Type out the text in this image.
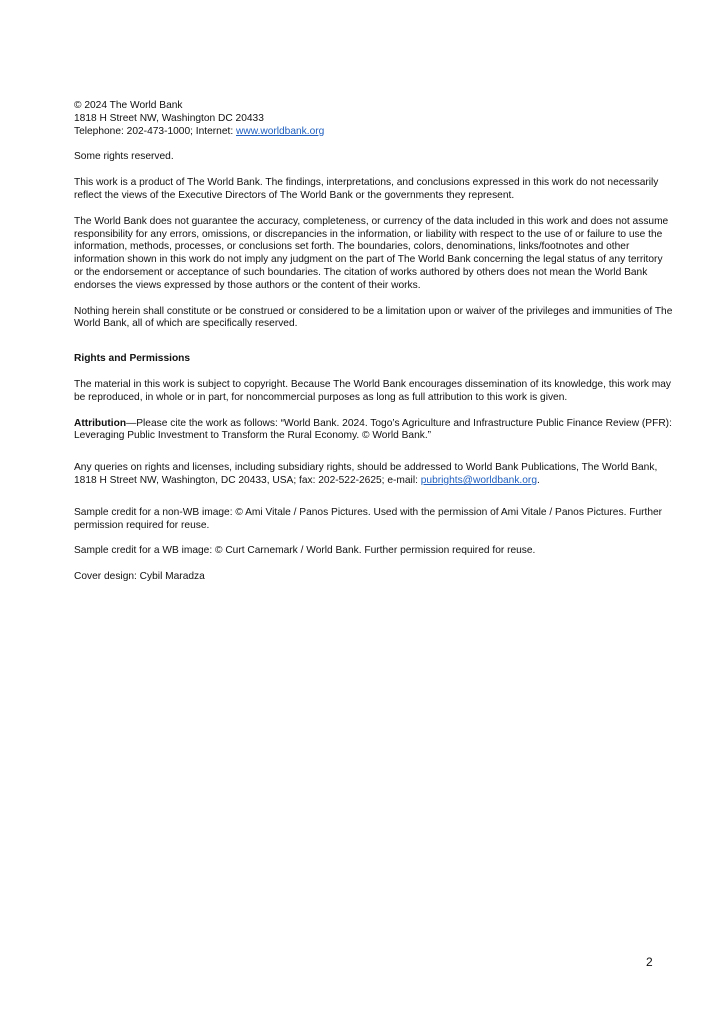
© 2024 The World Bank

1818 H Street NW, Washington DC 20433

Telephone: 202-473-1000; Internet: www.worldbank.org

Some rights reserved.

This work is a product of The World Bank. The findings, interpretations, and conclusions expressed in this work do not necessarily reflect the views of the Executive Directors of The World Bank or the governments they represent.

The World Bank does not guarantee the accuracy, completeness, or currency of the data included in this work and does not assume responsibility for any errors, omissions, or discrepancies in the information, or liability with respect to the use of or failure to use the information, methods, processes, or conclusions set forth. The boundaries, colors, denominations, links/footnotes and other information shown in this work do not imply any judgment on the part of The World Bank concerning the legal status of any territory or the endorsement or acceptance of such boundaries. The citation of works authored by others does not mean the World Bank endorses the views expressed by those authors or the content of their works.

Nothing herein shall constitute or be construed or considered to be a limitation upon or waiver of the privileges and immunities of The World Bank, all of which are specifically reserved.

Rights and Permissions

The material in this work is subject to copyright. Because The World Bank encourages dissemination of its knowledge, this work may be reproduced, in whole or in part, for noncommercial purposes as long as full attribution to this work is given.

Attribution—Please cite the work as follows: “World Bank. 2024. Togo’s Agriculture and Infrastructure Public Finance Review (PFR): Leveraging Public Investment to Transform the Rural Economy. © World Bank.”

Any queries on rights and licenses, including subsidiary rights, should be addressed to World Bank Publications, The World Bank, 1818 H Street NW, Washington, DC 20433, USA; fax: 202-522-2625; e-mail: pubrights@worldbank.org.

Sample credit for a non-WB image: © Ami Vitale / Panos Pictures. Used with the permission of Ami Vitale / Panos Pictures. Further permission required for reuse.

Sample credit for a WB image: © Curt Carnemark / World Bank. Further permission required for reuse.

Cover design: Cybil Maradza

2
